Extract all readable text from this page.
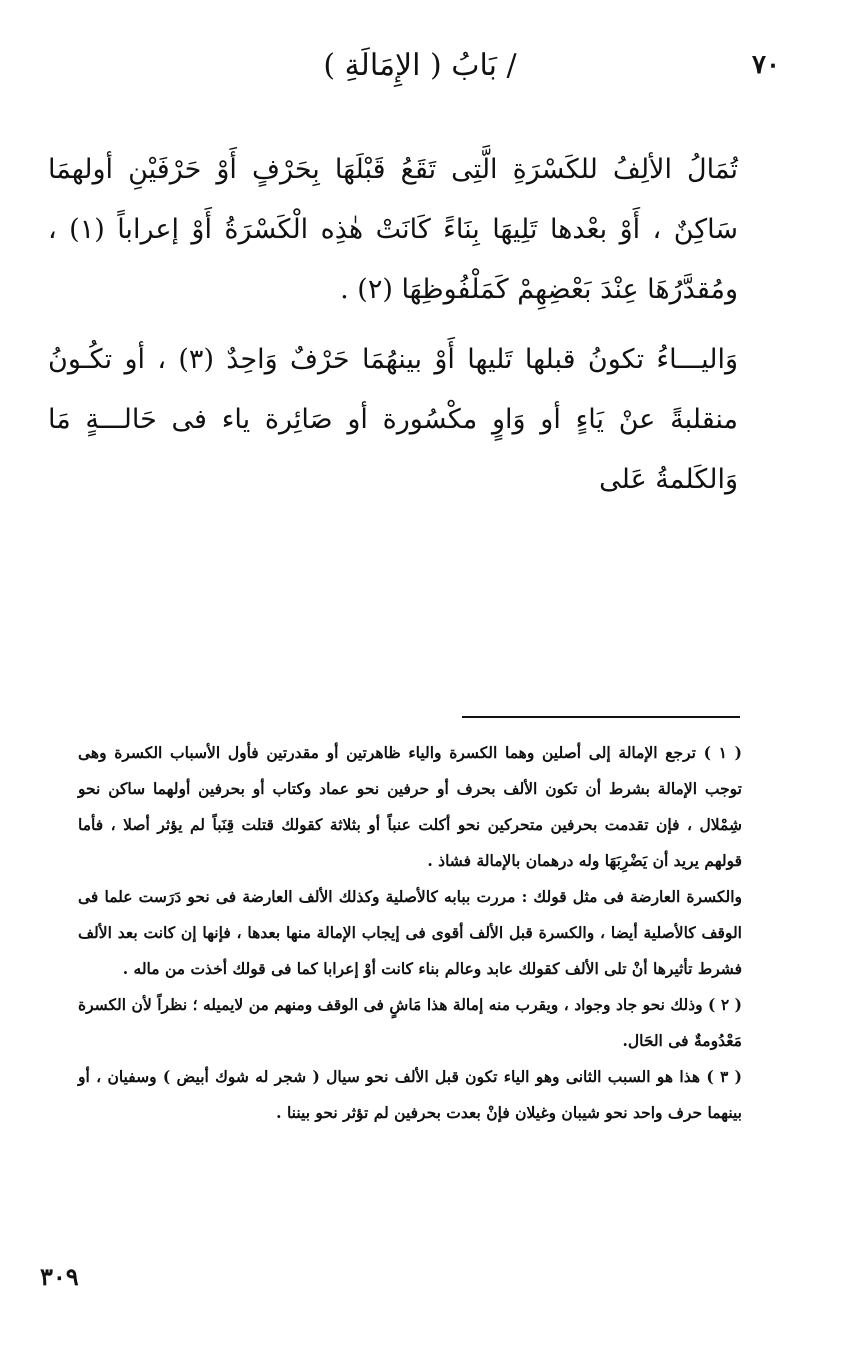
٧٠
/ بَابُ ( الإِمَالَةِ )

تُمَالُ الألِفُ للكَسْرَةِ الَّتِى تَقَعُ قَبْلَهَا بِحَرْفٍ أَوْ حَرْفَيْنِ أولهمَا سَاكِنٌ ، أَوْ بعْدها تَلِيهَا بِنَاءً كَانَتْ هٰذِه الْكَسْرَةُ أَوْ إعراباً (١) ، ومُقدَّرُهَا عِنْدَ بَعْضِهِمْ كَمَلْفُوظِهَا (٢) .

وَاليـــاءُ تكونُ قبلها تَليها أَوْ بينهُمَا حَرْفٌ وَاحِدٌ (٣) ، أو تكُـونُ منقلبةً عنْ يَاءٍ أو وَاوٍ مكْسُورة أو صَائِرة ياء فى حَالـــةٍ مَا وَالكَلمةُ عَلى

( ١ ) ترجع الإمالة إلى أصلين وهما الكسرة والياء ظاهرتين أو مقدرتين فأول الأسباب الكسرة وهى توجب الإمالة بشرط أن تكون الألف بحرف أو حرفين نحو عماد وكتاب أو بحرفين أولهما ساكن نحو شِمْلال ، فإن تقدمت بحرفين متحركين نحو أكلت عنباً أو بثلاثة كقولك قتلت قِنَباً لم يؤثر أصلا ، فأما قولهم يريد أن يَضْرِبَهَا وله درهمان بالإمالة فشاذ .

والكسرة العارضة فى مثل قولك : مررت ببابه كالأصلية وكذلك الألف العارضة فى نحو دَرَست علما فى الوقف كالأصلية أيضا ، والكسرة قبل الألف أقوى فى إيجاب الإمالة منها بعدها ، فإنها إن كانت بعد الألف فشرط تأثيرها أنْ تلى الألف كقولك عابد وعالم بناء كانت أوْ إعرابا كما فى قولك أخذت من ماله .

( ٢ ) وذلك نحو جاد وجواد ، ويقرب منه إمالة هذا مَاشٍ فى الوقف ومنهم من لايميله ؛ نظراً لأن الكسرة مَعْدُومةٌ فى الحَال.

( ٣ ) هذا هو السبب الثانى وهو الياء تكون قبل الألف نحو سيال ( شجر له شوك أبيض ) وسفيان ، أو بينهما حرف واحد نحو شيبان وغيلان فإنْ بعدت بحرفين لم تؤثر نحو بيننا .

٣٠٩
